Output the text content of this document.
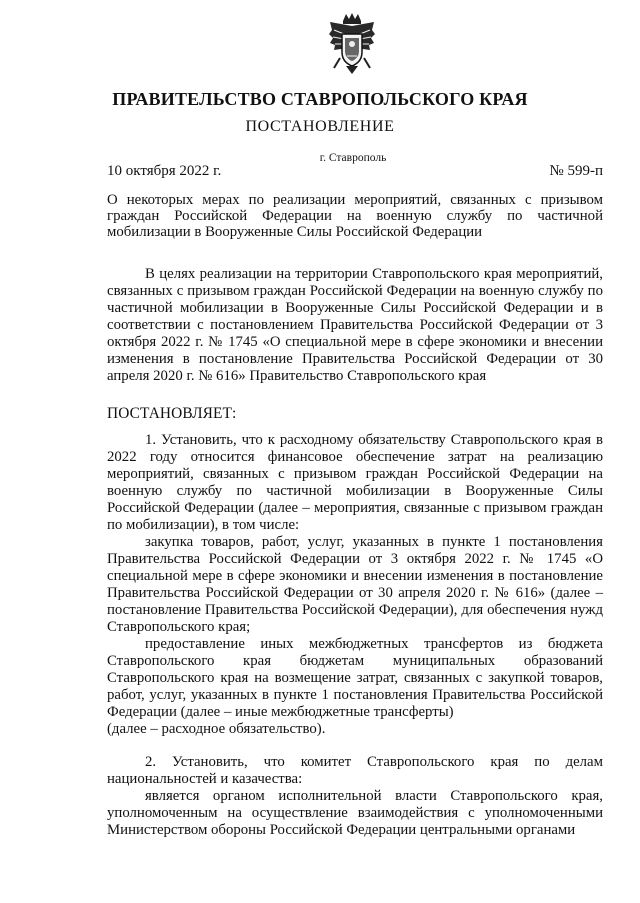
ПРАВИТЕЛЬСТВО СТАВРОПОЛЬСКОГО КРАЯ
ПОСТАНОВЛЕНИЕ
10 октября 2022 г.
г. Ставрополь
№ 599-п
О некоторых мерах по реализации мероприятий, связанных с призывом граждан Российской Федерации на военную службу по частичной мобилизации в Вооруженные Силы Российской Федерации

В целях реализации на территории Ставропольского края мероприятий, связанных с призывом граждан Российской Федерации на военную службу по частичной мобилизации в Вооруженные Силы Российской Федерации и в соответствии с постановлением Правительства Российской Федерации от 3 октября 2022 г. № 1745 «О специальной мере в сфере экономики и внесении изменения в постановление Правительства Российской Федерации от 30 апреля 2020 г. № 616» Правительство Ставропольского края

ПОСТАНОВЛЯЕТ:

1. Установить, что к расходному обязательству Ставропольского края в 2022 году относится финансовое обеспечение затрат на реализацию мероприятий, связанных с призывом граждан Российской Федерации на военную службу по частичной мобилизации в Вооруженные Силы Российской Федерации (далее – мероприятия, связанные с призывом граждан по мобилизации), в том числе:

закупка товаров, работ, услуг, указанных в пункте 1 постановления Правительства Российской Федерации от 3 октября 2022 г. № 1745 «О специальной мере в сфере экономики и внесении изменения в постановление Правительства Российской Федерации от 30 апреля 2020 г. № 616» (далее – постановление Правительства Российской Федерации), для обеспечения нужд Ставропольского края;

предоставление иных межбюджетных трансфертов из бюджета Ставропольского края бюджетам муниципальных образований Ставропольского края на возмещение затрат, связанных с закупкой товаров, работ, услуг, указанных в пункте 1 постановления Правительства Российской Федерации (далее – иные межбюджетные трансферты)

(далее – расходное обязательство).

2. Установить, что комитет Ставропольского края по делам национальностей и казачества:

является органом исполнительной власти Ставропольского края, уполномоченным на осуществление взаимодействия с уполномоченными Министерством обороны Российской Федерации центральными органами
